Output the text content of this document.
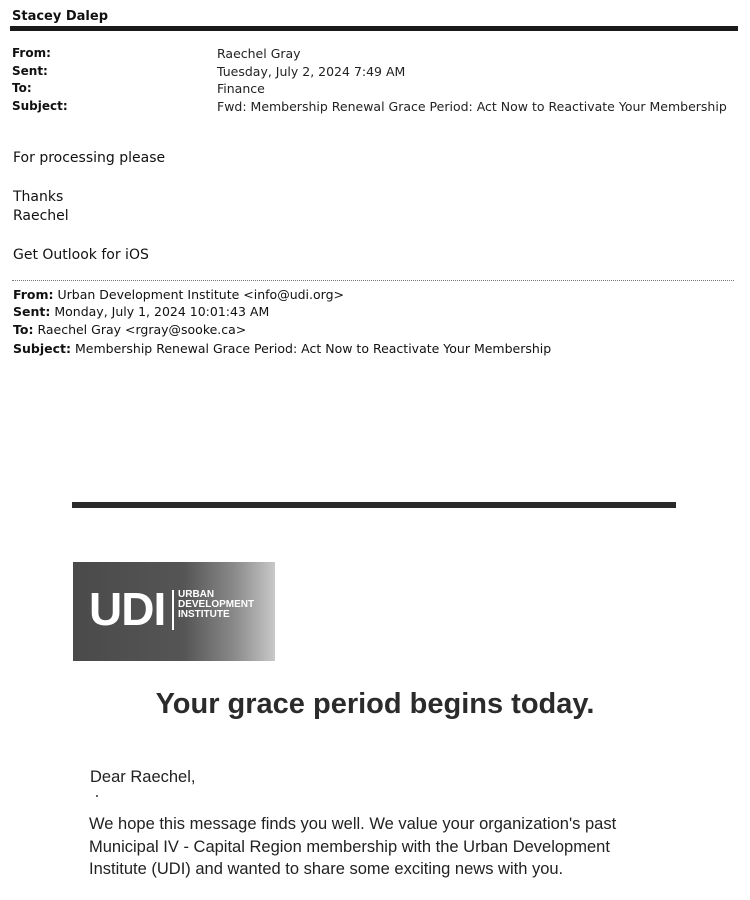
Stacey Dalep
From:	Raechel Gray
Sent:	Tuesday, July 2, 2024 7:49 AM
To:	Finance
Subject:	Fwd: Membership Renewal Grace Period: Act Now to Reactivate Your Membership
For processing please
Thanks
Raechel
Get Outlook for iOS
From: Urban Development Institute <info@udi.org>
Sent: Monday, July 1, 2024 10:01:43 AM
To: Raechel Gray <rgray@sooke.ca>
Subject: Membership Renewal Grace Period: Act Now to Reactivate Your Membership
UDI URBAN
DEVELOPMENT
INSTITUTE
Your grace period begins today.
Dear Raechel,
We hope this message finds you well. We value your organization's past
Municipal IV - Capital Region membership with the Urban Development
Institute (UDI) and wanted to share some exciting news with you.
